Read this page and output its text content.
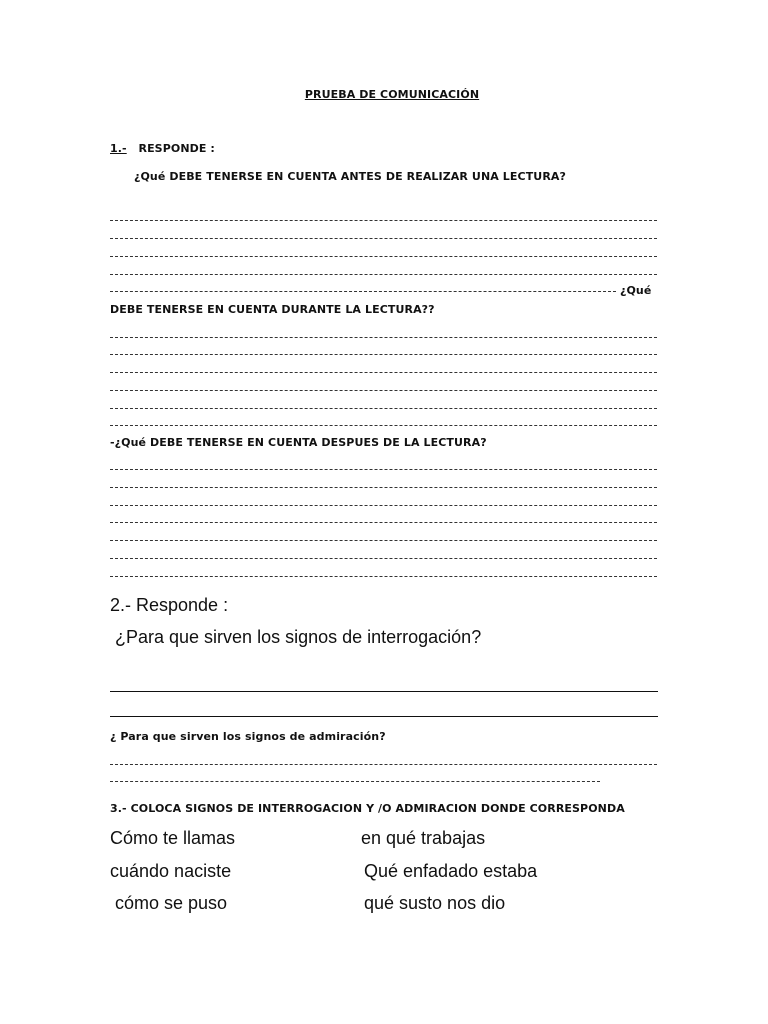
PRUEBA DE COMUNICACIÓN
1.- RESPONDE :
¿Qué DEBE TENERSE EN CUENTA ANTES DE REALIZAR UNA LECTURA?
¿Qué
DEBE TENERSE EN CUENTA DURANTE LA LECTURA??
-¿Qué DEBE TENERSE EN CUENTA DESPUES DE LA LECTURA?
2.- Responde :
¿Para que sirven los signos de interrogación?
¿ Para que sirven los signos de admiración?
3.- COLOCA SIGNOS DE INTERROGACION Y /O ADMIRACION DONDE CORRESPONDA
Cómo te llamas
cuándo naciste
cómo se puso
en qué trabajas
Qué enfadado estaba
qué susto nos dio
